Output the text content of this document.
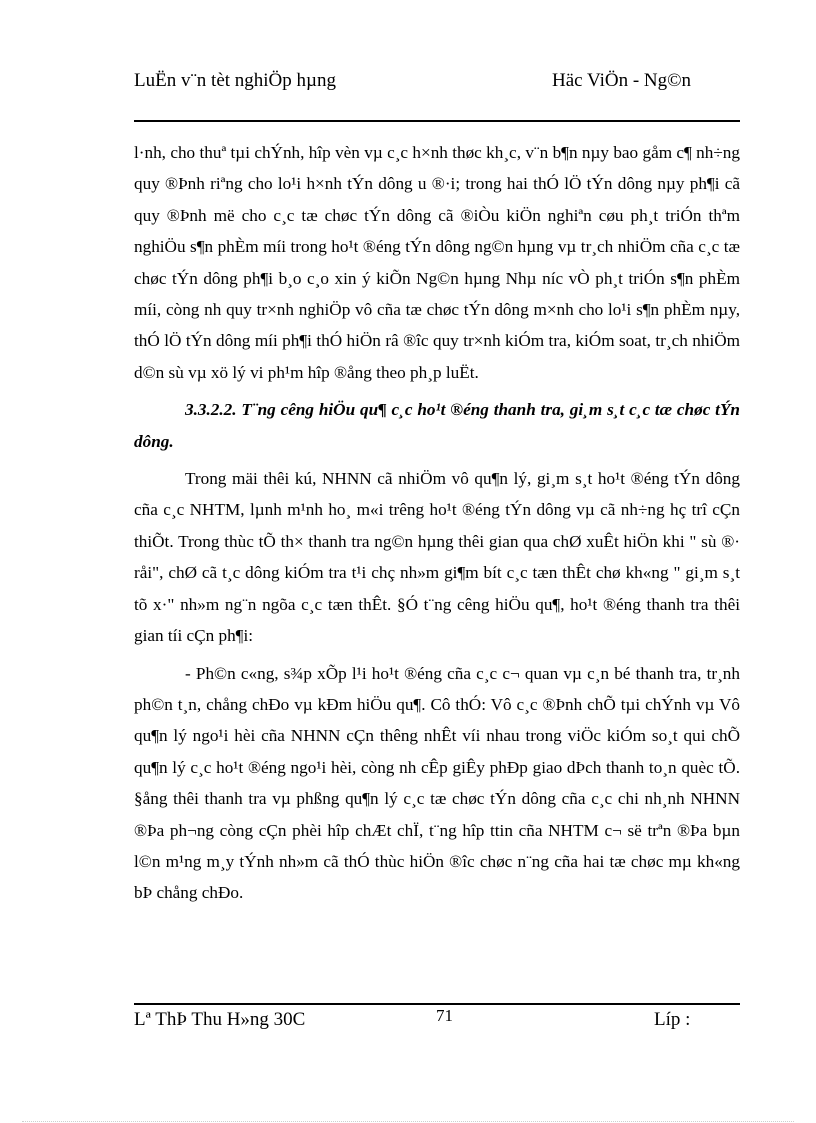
LuËn v¨n tèt nghiÖp hµng	Häc ViÖn - Ng©n

l·nh, cho thuª tµi chÝnh, hîp vèn vµ c¸c h×nh thøc kh¸c, v¨n b¶n nµy bao gåm c¶ nh÷ng quy ®Þnh riªng cho lo¹i h×nh tÝn dông u ®·i; trong hai thÓ lÖ tÝn dông nµy ph¶i cã quy ®Þnh më cho c¸c tæ chøc tÝn dông cã ®iÒu kiÖn nghiªn cøu ph¸t triÓn thªm nghiÖu s¶n phÈm míi trong ho¹t ®éng tÝn dông ng©n hµng vµ tr¸ch nhiÖm cña c¸c tæ chøc tÝn dông ph¶i b¸o c¸o xin ý kiÕn Ng©n hµng Nhµ níc vÒ ph¸t triÓn s¶n phÈm míi, còng nh quy tr×nh nghiÖp vô cña tæ chøc tÝn dông m×nh cho lo¹i s¶n phÈm nµy, thÓ lÖ tÝn dông míi ph¶i thÓ hiÖn râ ®îc quy tr×nh kiÓm tra, kiÓm soat, tr¸ch nhiÖm d©n sù vµ xö lý vi ph¹m hîp ®ång theo ph¸p luËt.

3.3.2.2. T¨ng cêng hiÖu qu¶ c¸c ho¹t ®éng thanh tra, gi¸m s¸t c¸c tæ chøc tÝn dông.

Trong mäi thêi kú, NHNN cã nhiÖm vô qu¶n lý, gi¸m s¸t ho¹t ®éng tÝn dông cña c¸c NHTM, lµnh m¹nh ho¸ m«i trêng ho¹t ®éng tÝn dông vµ cã nh÷ng hç trî cÇn thiÕt. Trong thùc tÕ th× thanh tra ng©n hµng thêi gian qua chØ xuÊt hiÖn khi " sù ®· råi", chØ cã t¸c dông kiÓm tra t¹i chç nh»m gi¶m bít c¸c tæn thÊt chø kh«ng " gi¸m s¸t tõ x·" nh»m ng¨n ngõa c¸c tæn thÊt. §Ó t¨ng cêng hiÖu qu¶, ho¹t ®éng thanh tra thêi gian tíi cÇn ph¶i:

- Ph©n c«ng, s¾p xÕp l¹i ho¹t ®éng cña c¸c c¬ quan vµ c¸n bé thanh tra, tr¸nh ph©n t¸n, chång chÐo vµ kÐm hiÖu qu¶. Cô thÓ: Vô c¸c ®Þnh chÕ tµi chÝnh vµ Vô qu¶n lý ngo¹i hèi cña NHNN cÇn thêng nhÊt víi nhau trong viÖc kiÓm so¸t qui chÕ qu¶n lý c¸c ho¹t ®éng ngo¹i hèi, còng nh cÊp giÊy phÐp giao dÞch thanh to¸n quèc tÕ. §ång thêi thanh tra vµ phßng qu¶n lý c¸c tæ chøc tÝn dông cña c¸c chi nh¸nh NHNN ®Þa ph¬ng còng cÇn phèi hîp chÆt chÏ, t¨ng hîp ttin cña NHTM c¬ së trªn ®Þa bµn l©n m¹ng m¸y tÝnh nh»m cã thÓ thùc hiÖn ®îc chøc n¨ng cña hai tæ chøc mµ kh«ng bÞ chång chÐo.

Lª ThÞ Thu H»ng 30C	71	Líp :
